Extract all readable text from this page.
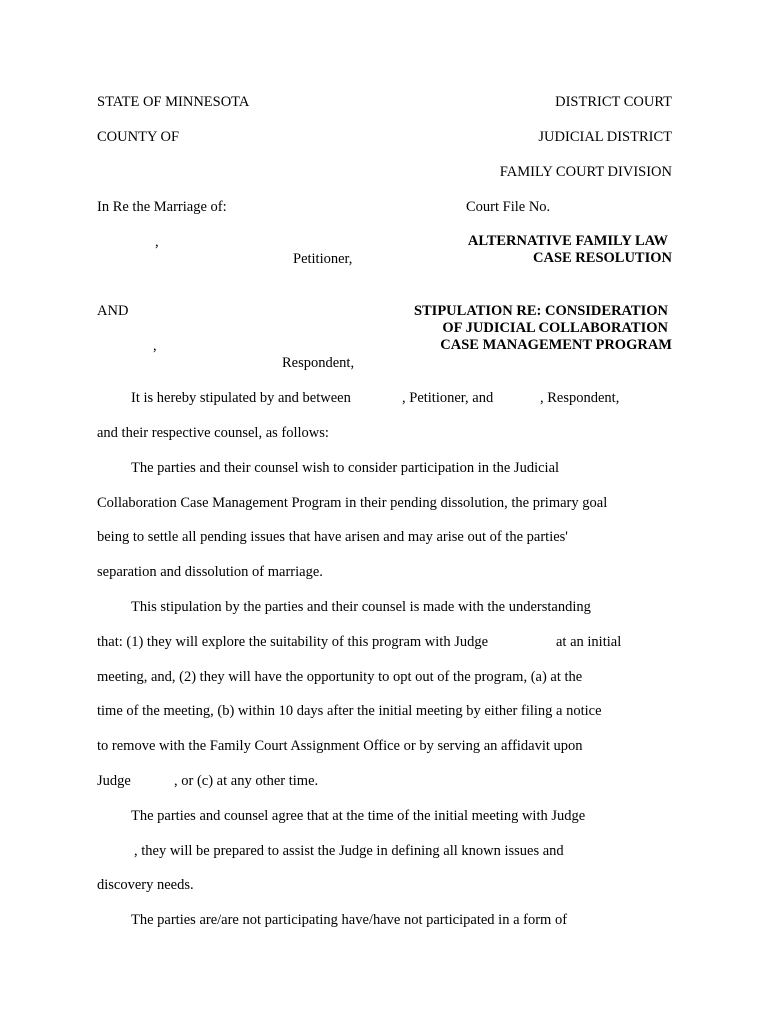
STATE OF MINNESOTA	DISTRICT COURT
COUNTY OF	JUDICIAL DISTRICT
FAMILY COURT DIVISION
In Re the Marriage of:	Court File No.
,
Petitioner,
ALTERNATIVE FAMILY LAW
CASE RESOLUTION
AND	STIPULATION RE: CONSIDERATION
OF JUDICIAL COLLABORATION
CASE MANAGEMENT PROGRAM
,
Respondent,
It is hereby stipulated by and between	, Petitioner, and	, Respondent,
and their respective counsel, as follows:
The parties and their counsel wish to consider participation in the Judicial
Collaboration Case Management Program in their pending dissolution, the primary goal
being to settle all pending issues that have arisen and may arise out of the parties'
separation and dissolution of marriage.
This stipulation by the parties and their counsel is made with the understanding
that: (1) they will explore the suitability of this program with Judge	at an initial
meeting, and, (2) they will have the opportunity to opt out of the program, (a) at the
time of the meeting, (b) within 10 days after the initial meeting by either filing a notice
to remove with the Family Court Assignment Office or by serving an affidavit upon
Judge	, or (c) at any other time.
The parties and counsel agree that at the time of the initial meeting with Judge
, they will be prepared to assist the Judge in defining all known issues and
discovery needs.
The parties are/are not participating have/have not participated in a form of
